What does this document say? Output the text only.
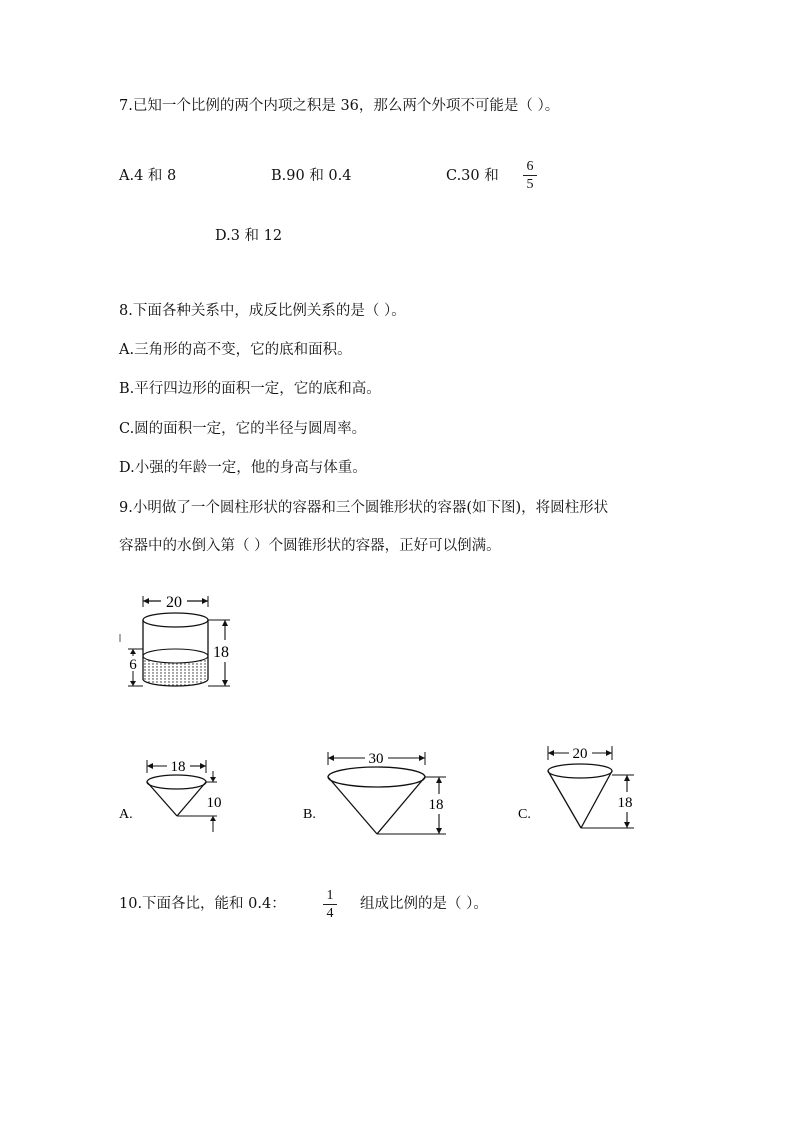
7.已知一个比例的两个内项之积是 36，那么两个外项不可能是（ ）。
A.4 和 8	B.90 和 0.4	C.30 和 $\frac{6}{5}$
D.3 和 12
8.下面各种关系中，成反比例关系的是（ ）。
A.三角形的高不变，它的底和面积。
B.平行四边形的面积一定，它的底和高。
C.圆的面积一定，它的半径与圆周率。
D.小强的年龄一定，他的身高与体重。
9.小明做了一个圆柱形状的容器和三个圆锥形状的容器(如下图)，将圆柱形状
容器中的水倒入第（ ）个圆锥形状的容器，正好可以倒满。
20
18
6
A.
18
10
B.
30
18
C.
20
18
10.下面各比，能和 0.4：	$\frac{1}{4}$ 组成比例的是（ ）。
